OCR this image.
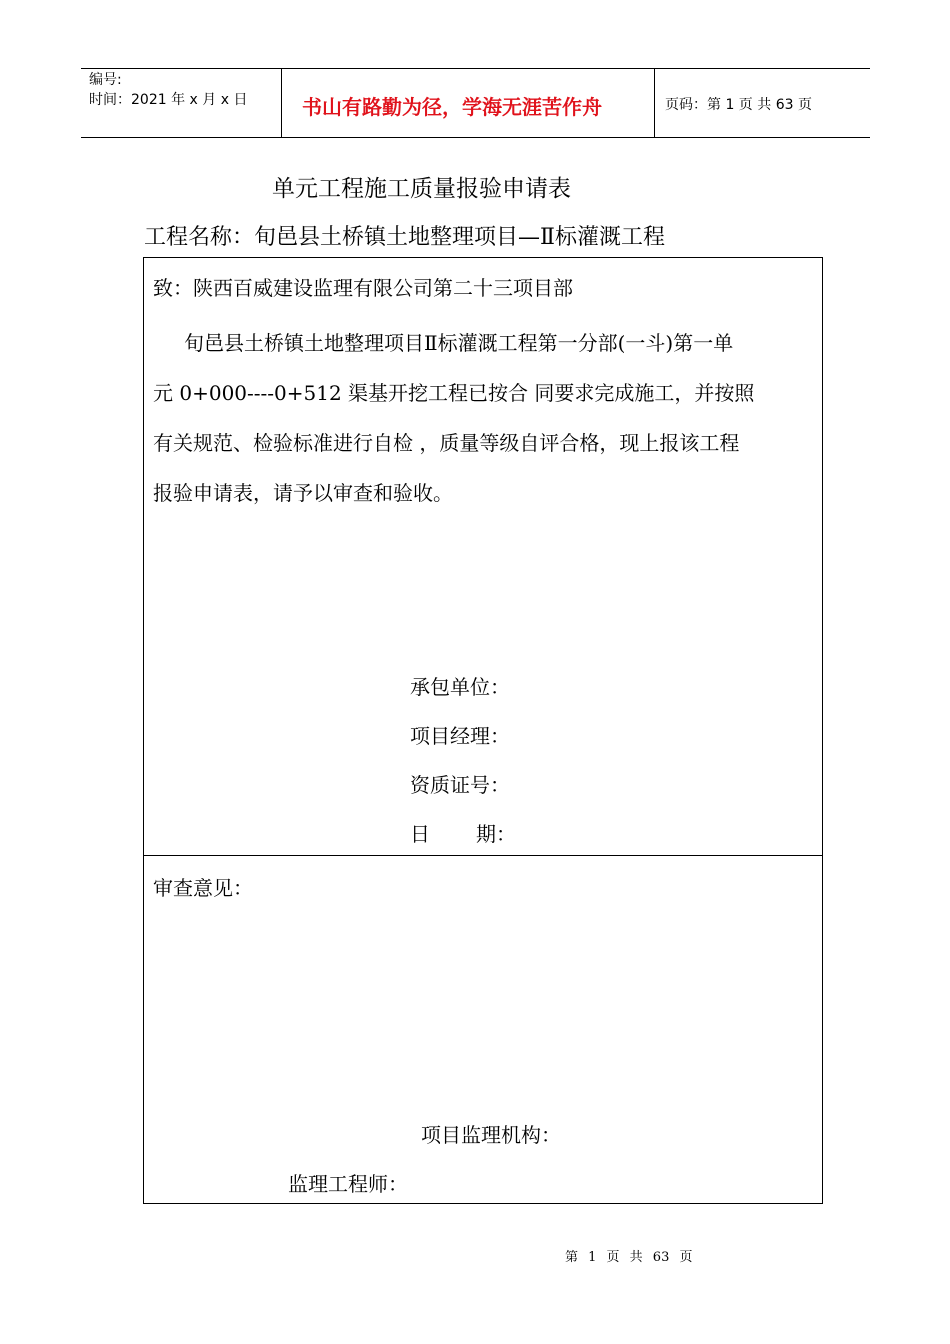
编号:
时间：2021 年 x 月 x 日	书山有路勤为径，学海无涯苦作舟	页码：第 1 页 共 63 页
单元工程施工质量报验申请表
工程名称：旬邑县土桥镇土地整理项目—Ⅱ标灌溉工程
致：陕西百威建设监理有限公司第二十三项目部
旬邑县土桥镇土地整理项目Ⅱ标灌溉工程第一分部(一斗)第一单
元 0+000----0+512 渠基开挖工程已按合 同要求完成施工，并按照
有关规范、检验标准进行自检 ，质量等级自评合格，现上报该工程
报验申请表，请予以审查和验收。
承包单位：
项目经理：
资质证号：
日 期：
审查意见：
项目监理机构：
监理工程师：
第 1 页 共 63 页
